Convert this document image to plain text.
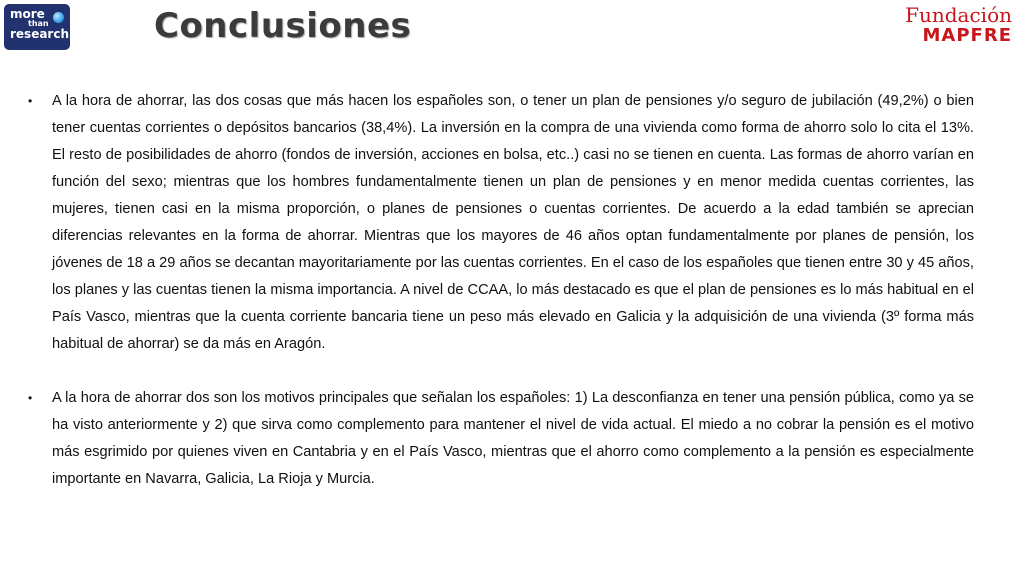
more
than
research Conclusiones	Fundación
MAPFRE
• A la hora de ahorrar, las dos cosas que más hacen los españoles son, o tener un plan de pensiones y/o seguro de jubilación (49,2%) o bien tener cuentas corrientes o depósitos bancarios (38,4%). La inversión en la compra de una vivienda como forma de ahorro solo lo cita el 13%. El resto de posibilidades de ahorro (fondos de inversión, acciones en bolsa, etc..) casi no se tienen en cuenta. Las formas de ahorro varían en función del sexo; mientras que los hombres fundamentalmente tienen un plan de pensiones y en menor medida cuentas corrientes, las mujeres, tienen casi en la misma proporción, o planes de pensiones o cuentas corrientes. De acuerdo a la edad también se aprecian diferencias relevantes en la forma de ahorrar. Mientras que los mayores de 46 años optan fundamentalmente por planes de pensión, los jóvenes de 18 a 29 años se decantan mayoritariamente por las cuentas corrientes. En el caso de los españoles que tienen entre 30 y 45 años, los planes y las cuentas tienen la misma importancia. A nivel de CCAA, lo más destacado es que el plan de pensiones es lo más habitual en el País Vasco, mientras que la cuenta corriente bancaria tiene un peso más elevado en Galicia y la adquisición de una vivienda (3º forma más habitual de ahorrar) se da más en Aragón.
• A la hora de ahorrar dos son los motivos principales que señalan los españoles: 1) La desconfianza en tener una pensión pública, como ya se ha visto anteriormente y 2) que sirva como complemento para mantener el nivel de vida actual. El miedo a no cobrar la pensión es el motivo más esgrimido por quienes viven en Cantabria y en el País Vasco, mientras que el ahorro como complemento a la pensión es especialmente importante en Navarra, Galicia, La Rioja y Murcia.
